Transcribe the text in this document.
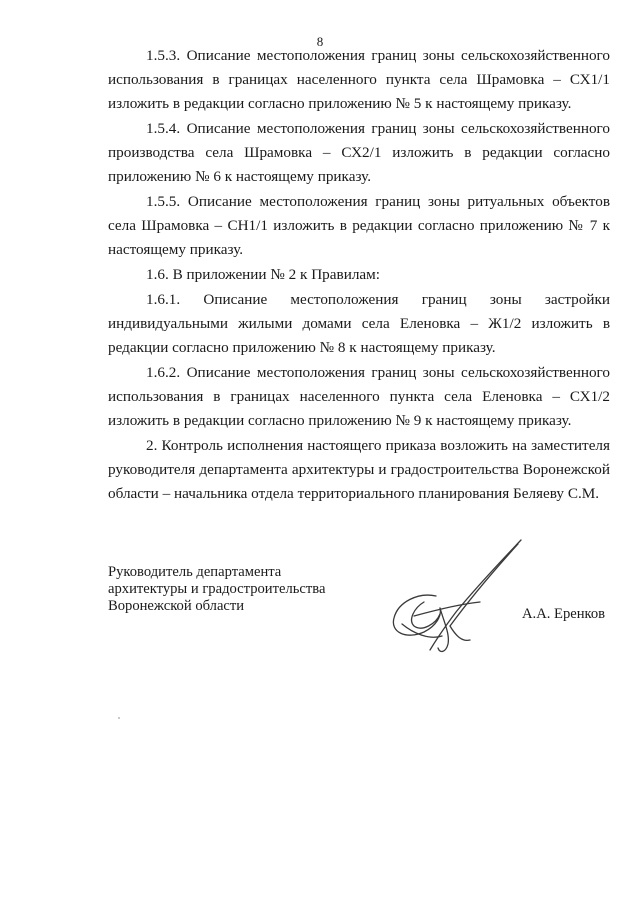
8

1.5.3. Описание местоположения границ зоны сельскохозяйственного использования в границах населенного пункта села Шрамовка – СХ1/1 изложить в редакции согласно приложению № 5 к настоящему приказу.

1.5.4. Описание местоположения границ зоны сельскохозяйственного производства села Шрамовка – СХ2/1 изложить в редакции согласно приложению № 6 к настоящему приказу.

1.5.5. Описание местоположения границ зоны ритуальных объектов села Шрамовка – СН1/1 изложить в редакции согласно приложению № 7 к настоящему приказу.

1.6. В приложении № 2 к Правилам:

1.6.1. Описание местоположения границ зоны застройки индивидуальными жилыми домами села Еленовка – Ж1/2 изложить в редакции согласно приложению № 8 к настоящему приказу.

1.6.2. Описание местоположения границ зоны сельскохозяйственного использования в границах населенного пункта села Еленовка – СХ1/2 изложить в редакции согласно приложению № 9 к настоящему приказу.

2. Контроль исполнения настоящего приказа возложить на заместителя руководителя департамента архитектуры и градостроительства Воронежской области – начальника отдела территориального планирования Беляеву С.М.

Руководитель департамента
архитектуры и градостроительства
Воронежской области	А.А. Еренков
